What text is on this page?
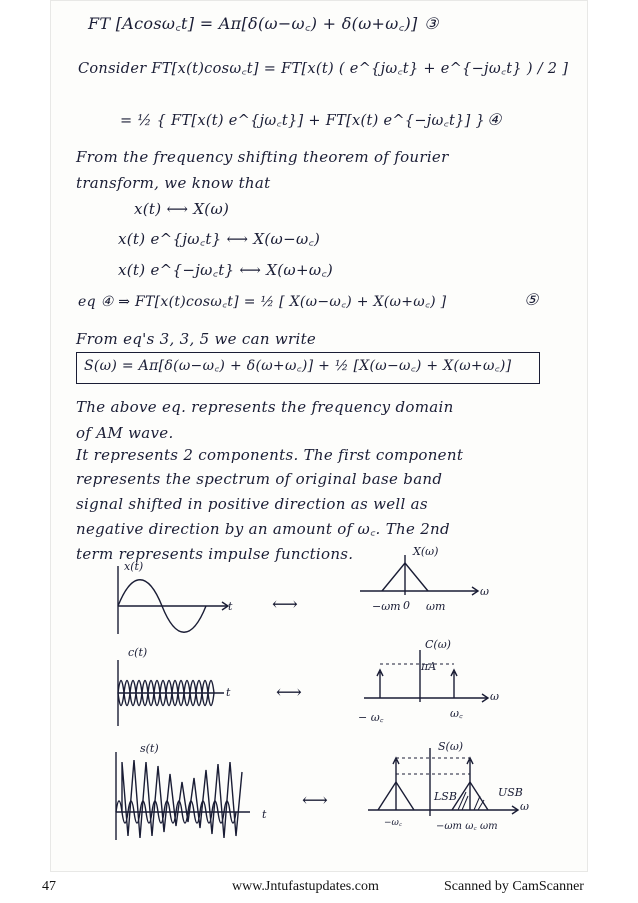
FT [Acosω꜀t] = Aπ[δ(ω−ω꜀) + δ(ω+ω꜀)] ③
Consider FT[x(t)cosω꜀t] = FT[x(t) ( e^{jω꜀t} + e^{−jω꜀t} ) / 2 ]
= ½ { FT[x(t) e^{jω꜀t}] + FT[x(t) e^{−jω꜀t}] } ④
From the frequency shifting theorem of fourier
transform, we know that
x(t) ⟷ X(ω)
x(t) e^{jω꜀t} ⟷ X(ω−ω꜀)
x(t) e^{−jω꜀t} ⟷ X(ω+ω꜀)
eq ④ ⇒ FT[x(t)cosω꜀t] = ½ [ X(ω−ω꜀) + X(ω+ω꜀) ]	⑤
From eq's 3, 3, 5 we can write
S(ω) = Aπ[δ(ω−ω꜀) + δ(ω+ω꜀)] + ½ [X(ω−ω꜀) + X(ω+ω꜀)]
The above eq. represents the frequency domain
of AM wave.
It represents 2 components. The first component
represents the spectrum of original base band
signal shifted in positive direction as well as
negative direction by an amount of ω꜀. The 2nd
term represents impulse functions.
x(t)
t ⟷
X(ω)
ω
−ωm 0 ωm
c(t)
t	⟷
C(ω)
πA
ω
− ω꜀	ω꜀
s(t)
t
⟷
S(ω)
LSB	USB
ω
−ω꜀	−ωm ω꜀ ωm
47	www.Jntufastupdates.com	Scanned by CamScanner
